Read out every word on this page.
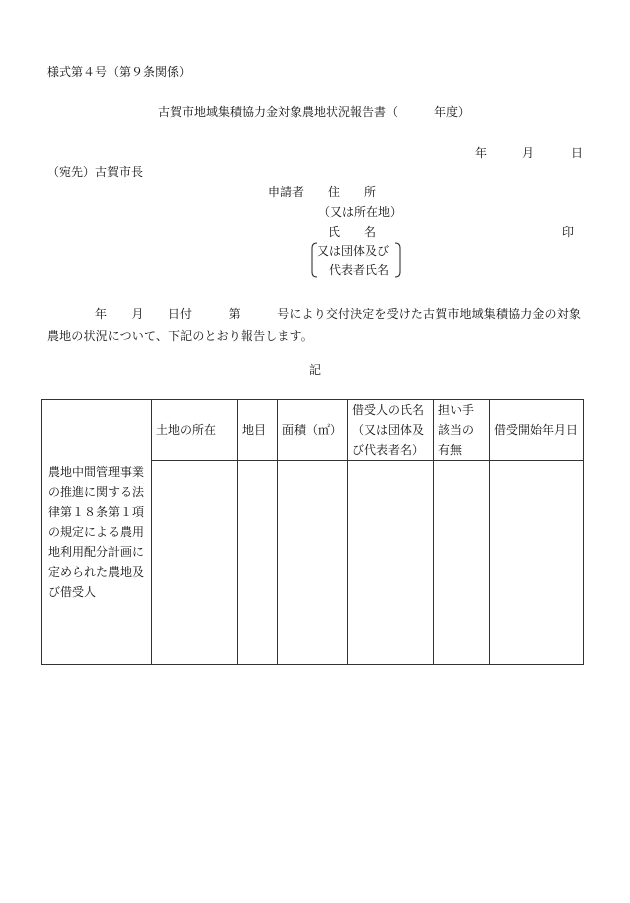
様式第４号（第９条関係）
古賀市地域集積協力金対象農地状況報告書（　　　年度）
年	月	日
（宛先）古賀市長
申請者 住　　所
（又は所在地）
氏　　名	印
又は団体及び
代表者氏名
年　　月　　日付　　　第　　　号により交付決定を受けた古賀市地域集積協力金の対象農地の状況について、下記のとおり報告します。
記
農地中間管理事業の推進に関する法律第１８条第１項の規定による農用地利用配分計画に定められた農地及び借受人	土地の所在	地目	面積（㎡）	借受人の氏名（又は団体及び代表者名）	担い手該当の有無	借受開始年月日
